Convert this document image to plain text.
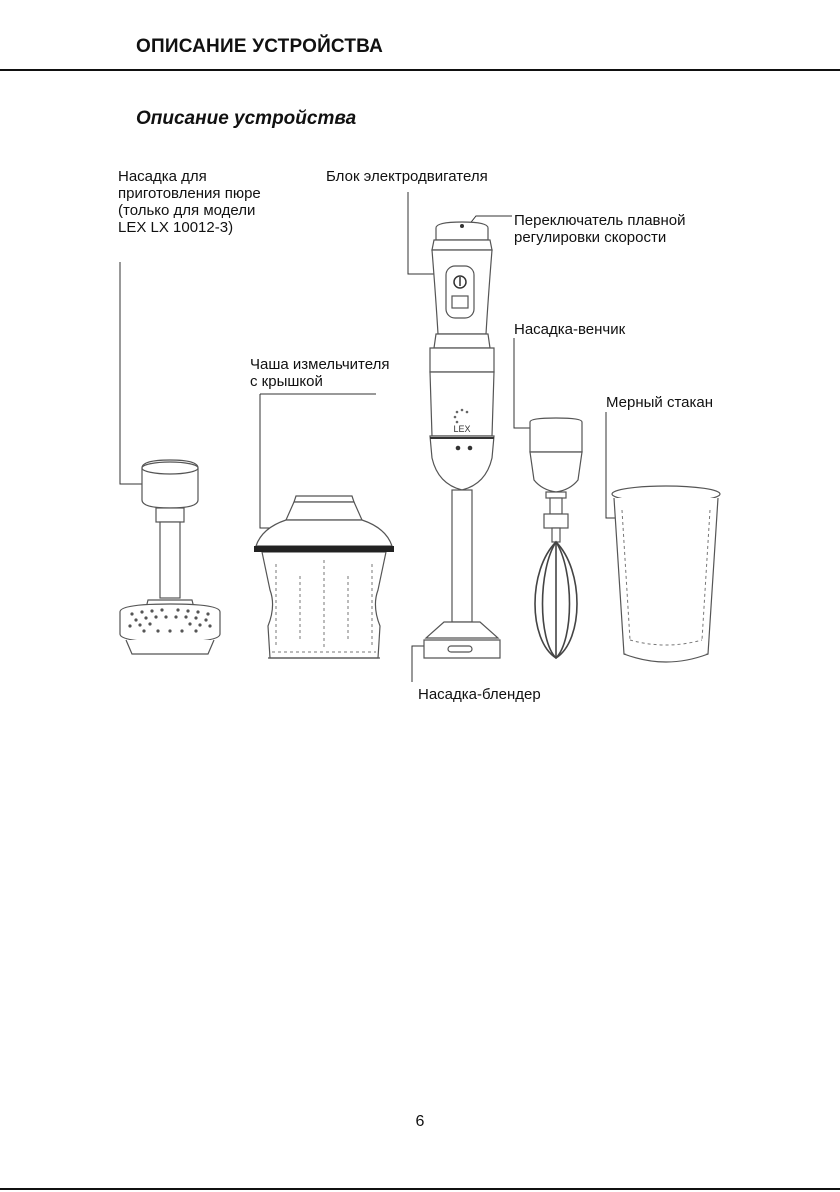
ОПИСАНИЕ УСТРОЙСТВА
Описание устройства
LEX
Насадка для
приготовления пюре
(только для модели
LEX LX 10012-3)
Блок электродвигателя
Переключатель плавной
регулировки скорости
Насадка-венчик
Чаша измельчителя
с крышкой
Мерный стакан
Насадка-блендер
6
